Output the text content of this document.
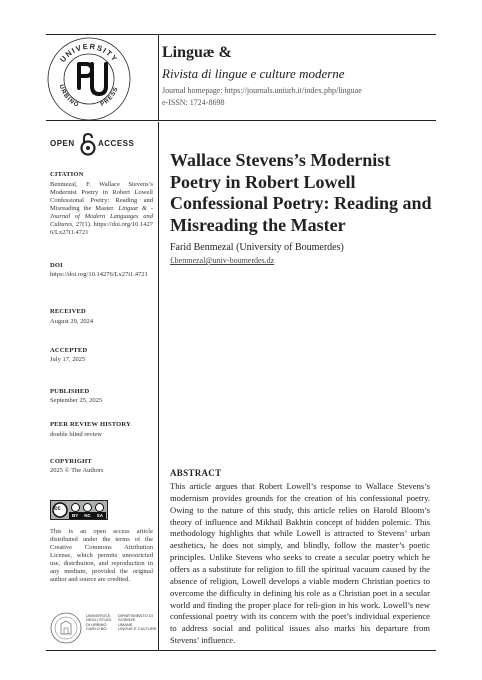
UNIVERSITY
URBINO	PRESS
Linguæ &
Rivista di lingue e culture moderne
Journal homepage: https://journals.uniurb.it/index.php/linguae
e-ISSN: 1724-8698
OPEN	ACCESS
CITATION
Benmezal, F. Wallace Stevens’s Modernist Poetry in Robert Lowell Confessional Poetry: Reading and Misreading the Master. Linguæ & - Journal of Modern Languages and Cultures, 27(1). https://doi.org/10.14276/Lx27i1.4721
DOI
https://doi.org/10.14276/Lx27i1.4721
RECEIVED
August 29, 2024
ACCEPTED
July 17, 2025
PUBLISHED
September 25, 2025
PEER REVIEW HISTORY
double blind review
COPYRIGHT
2025 © The Authors
cc
BY NC SA
This is an open access article distributed under the terms of the Creative Commons Attribution License, which permits unrestricted use, distribution, and reproduction in any medium, provided the original author and source are credited.
UNIVERSITÀ
DEGLI STUDI
DI URBINO
CARLO BO
DIPARTIMENTO DI
SCIENZE
UMANE
LINGUE E CULTURE
Wallace Stevens’s Modernist Poetry in Robert Lowell Confessional Poetry: Reading and Misreading the Master
Farid Benmezal (University of Boumerdes)
f.benmezal@univ-boumerdes.dz
ABSTRACT
This article argues that Robert Lowell’s response to Wallace Stevens’s modernism provides grounds for the creation of his confessional poetry. Owing to the nature of this study, this article relies on Harold Bloom’s theory of influence and Mikhail Bakhtin concept of hidden polemic. This methodology highlights that while Lowell is attracted to Stevens’ urban aesthetics, he does not simply, and blindly, follow the master’s poetic principles. Unlike Stevens who seeks to create a secular poetry which he offers as a substitute for religion to fill the spiritual vacuum caused by the absence of religion, Lowell develops a viable modern Christian poetics to overcome the difficulty in defining his role as a Christian poet in a secular world and finding the proper place for reli-gion in his work. Lowell’s new confessional poetry with its concern with the poet’s individual experience to address social and political issues also marks his departure from Stevens’ influence.
